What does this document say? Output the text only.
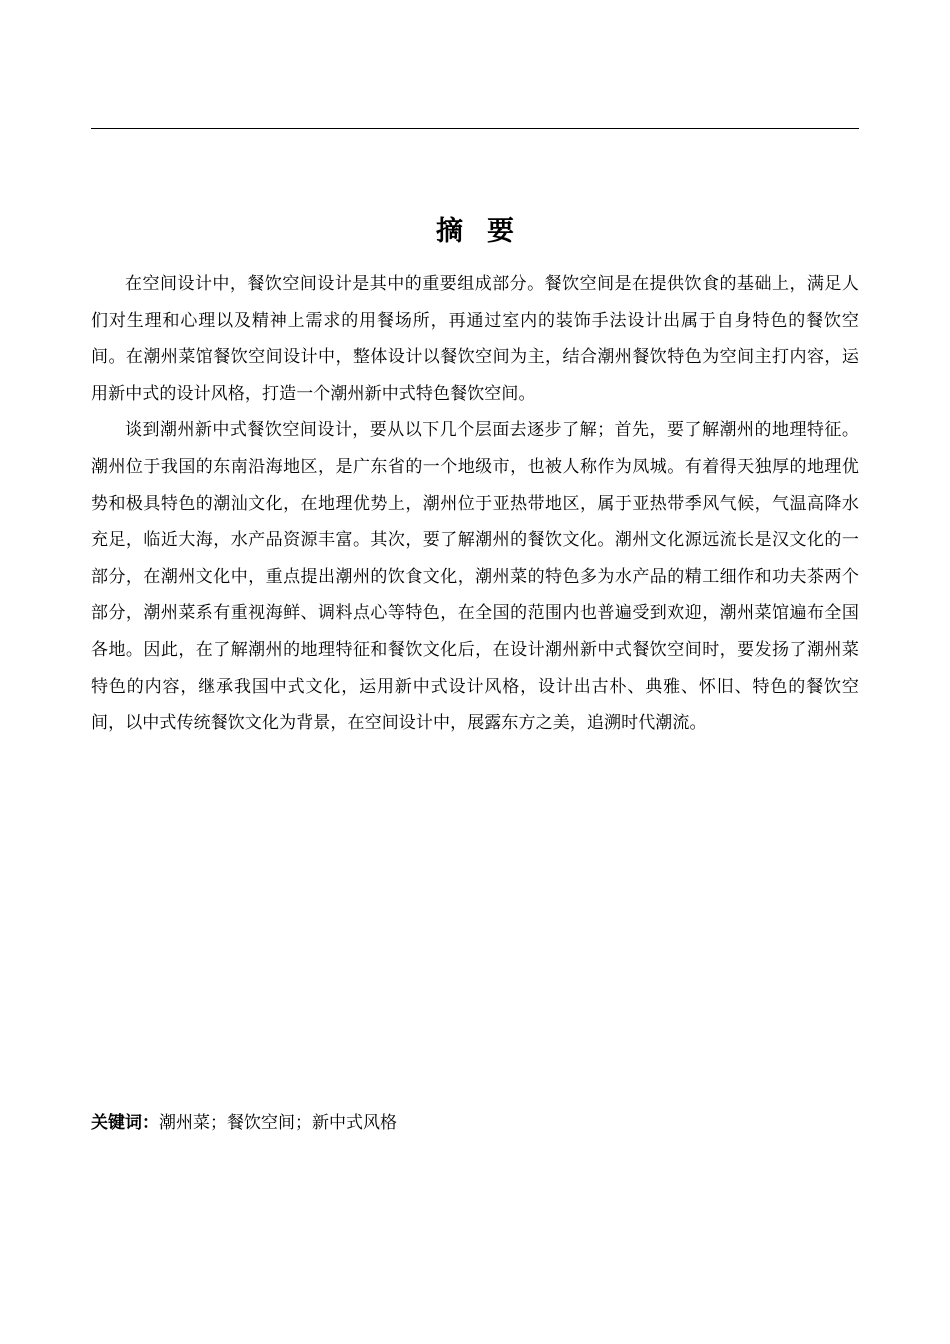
摘要

在空间设计中，餐饮空间设计是其中的重要组成部分。餐饮空间是在提供饮食的基础上，满足人们对生理和心理以及精神上需求的用餐场所，再通过室内的装饰手法设计出属于自身特色的餐饮空间。在潮州菜馆餐饮空间设计中，整体设计以餐饮空间为主，结合潮州餐饮特色为空间主打内容，运用新中式的设计风格，打造一个潮州新中式特色餐饮空间。

谈到潮州新中式餐饮空间设计，要从以下几个层面去逐步了解；首先，要了解潮州的地理特征。潮州位于我国的东南沿海地区，是广东省的一个地级市，也被人称作为凤城。有着得天独厚的地理优势和极具特色的潮汕文化，在地理优势上，潮州位于亚热带地区，属于亚热带季风气候，气温高降水充足，临近大海，水产品资源丰富。其次，要了解潮州的餐饮文化。潮州文化源远流长是汉文化的一部分，在潮州文化中，重点提出潮州的饮食文化，潮州菜的特色多为水产品的精工细作和功夫茶两个部分，潮州菜系有重视海鲜、调料点心等特色，在全国的范围内也普遍受到欢迎，潮州菜馆遍布全国各地。因此，在了解潮州的地理特征和餐饮文化后，在设计潮州新中式餐饮空间时，要发扬了潮州菜特色的内容，继承我国中式文化，运用新中式设计风格，设计出古朴、典雅、怀旧、特色的餐饮空间，以中式传统餐饮文化为背景，在空间设计中，展露东方之美，追溯时代潮流。

关键词：潮州菜；餐饮空间；新中式风格
